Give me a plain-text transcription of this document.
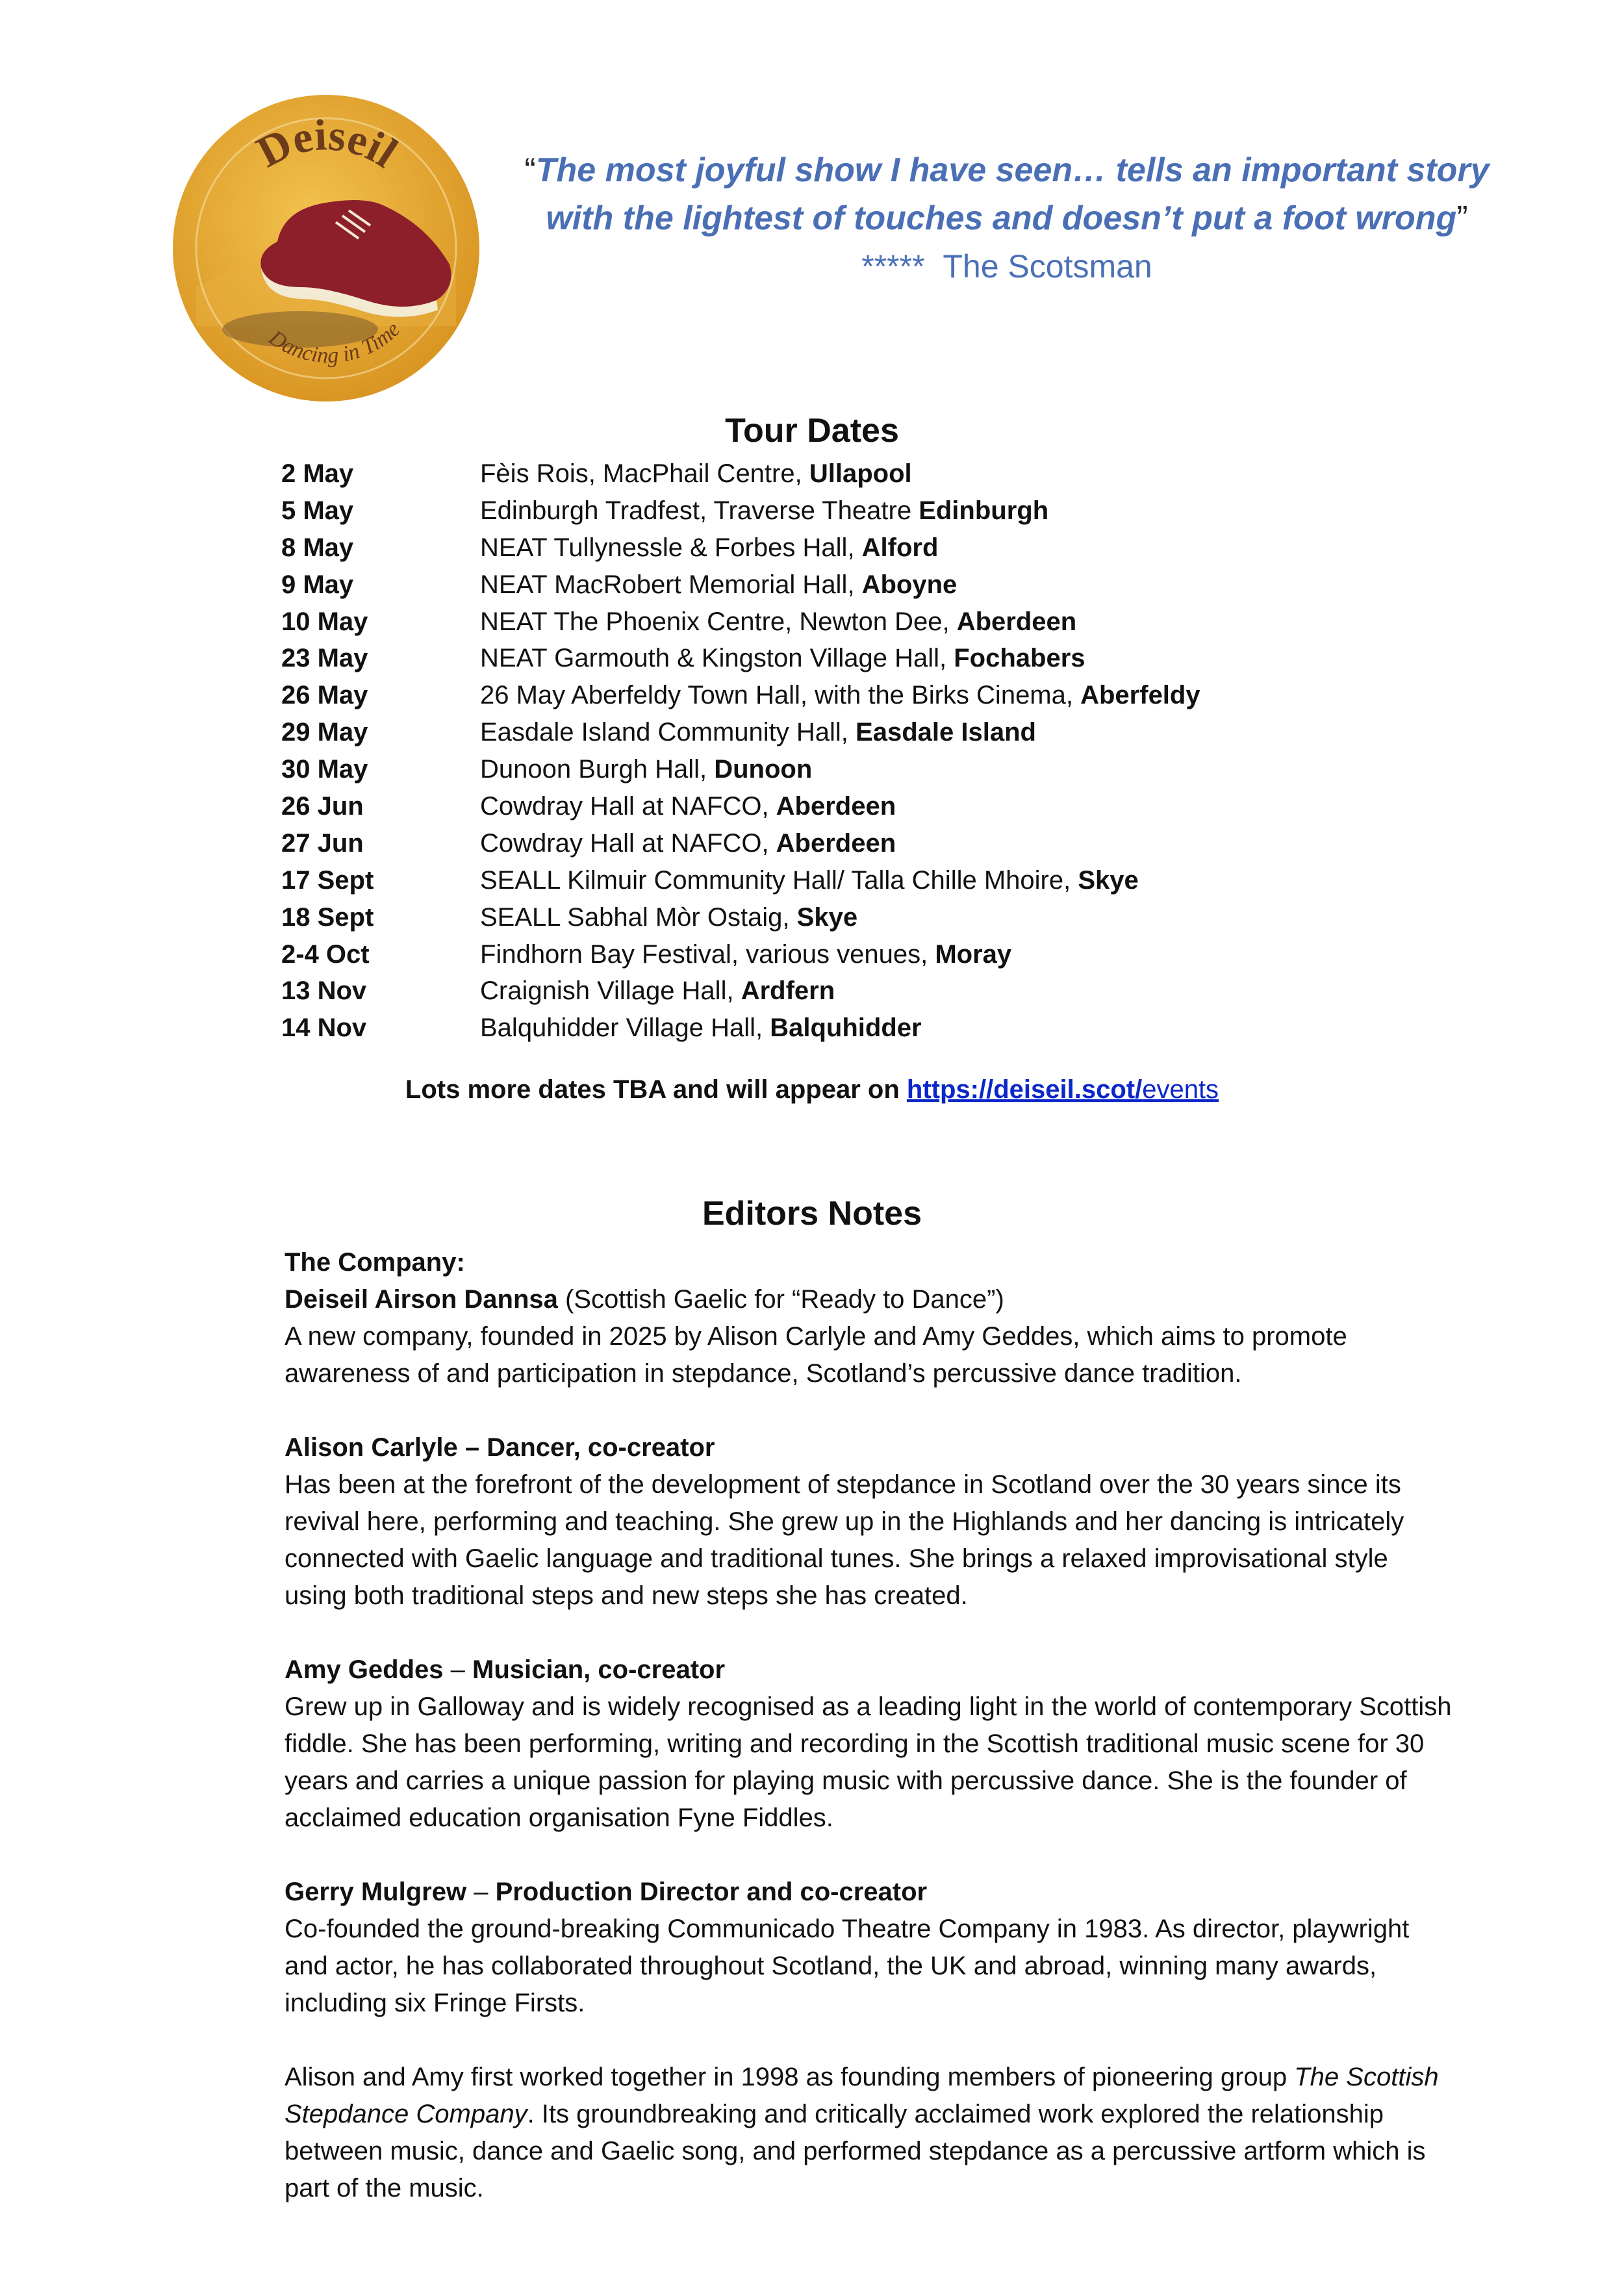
Deiseil
Dancing in Time
“The most joyful show I have seen… tells an important story with the lightest of touches and doesn’t put a foot wrong”
***** The Scotsman
Tour Dates
2 May	Fèis Rois, MacPhail Centre, Ullapool
5 May	Edinburgh Tradfest, Traverse Theatre Edinburgh
8 May	NEAT Tullynessle & Forbes Hall, Alford
9 May	NEAT MacRobert Memorial Hall, Aboyne
10 May	NEAT The Phoenix Centre, Newton Dee, Aberdeen
23 May	NEAT Garmouth & Kingston Village Hall, Fochabers
26 May	26 May Aberfeldy Town Hall, with the Birks Cinema, Aberfeldy
29 May	Easdale Island Community Hall, Easdale Island
30 May	Dunoon Burgh Hall, Dunoon
26 Jun	Cowdray Hall at NAFCO, Aberdeen
27 Jun	Cowdray Hall at NAFCO, Aberdeen
17 Sept	SEALL Kilmuir Community Hall/ Talla Chille Mhoire, Skye
18 Sept	SEALL Sabhal Mòr Ostaig, Skye
2-4 Oct	Findhorn Bay Festival, various venues, Moray
13 Nov	Craignish Village Hall, Ardfern
14 Nov	Balquhidder Village Hall, Balquhidder
Lots more dates TBA and will appear on https://deiseil.scot/events
Editors Notes

The Company:

Deiseil Airson Dannsa (Scottish Gaelic for “Ready to Dance”)

A new company, founded in 2025 by Alison Carlyle and Amy Geddes, which aims to promote awareness of and participation in stepdance, Scotland’s percussive dance tradition.

Alison Carlyle – Dancer, co-creator

Has been at the forefront of the development of stepdance in Scotland over the 30 years since its revival here, performing and teaching. She grew up in the Highlands and her dancing is intricately connected with Gaelic language and traditional tunes. She brings a relaxed improvisational style using both traditional steps and new steps she has created.

Amy Geddes – Musician, co-creator

Grew up in Galloway and is widely recognised as a leading light in the world of contemporary Scottish fiddle. She has been performing, writing and recording in the Scottish traditional music scene for 30 years and carries a unique passion for playing music with percussive dance. She is the founder of acclaimed education organisation Fyne Fiddles.

Gerry Mulgrew – Production Director and co-creator

Co-founded the ground-breaking Communicado Theatre Company in 1983. As director, playwright and actor, he has collaborated throughout Scotland, the UK and abroad, winning many awards, including six Fringe Firsts.

Alison and Amy first worked together in 1998 as founding members of pioneering group The Scottish Stepdance Company. Its groundbreaking and critically acclaimed work explored the relationship between music, dance and Gaelic song, and performed stepdance as a percussive artform which is part of the music.
